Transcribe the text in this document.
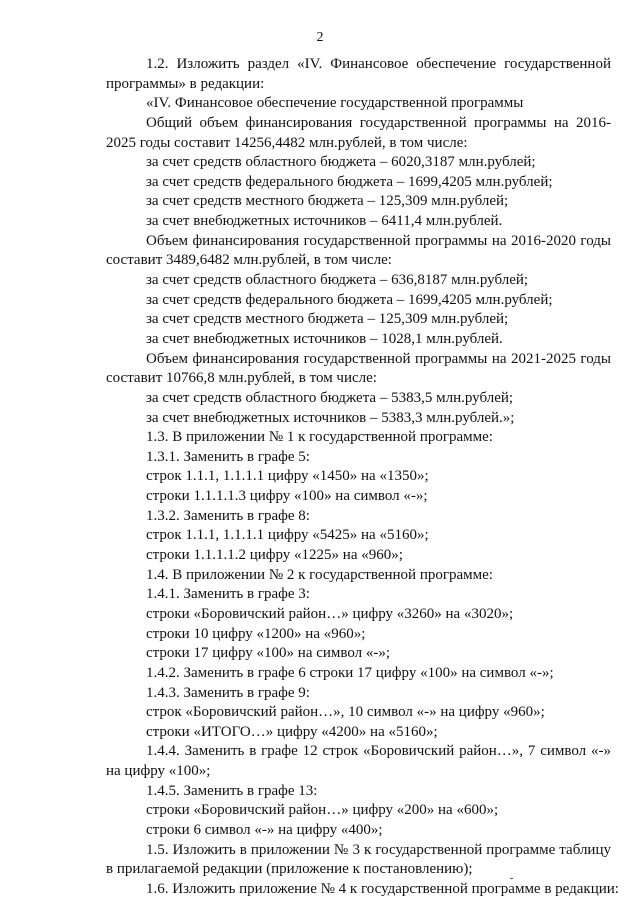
2
1.2. Изложить раздел «IV. Финансовое обеспечение государственной
программы» в редакции:
«IV. Финансовое обеспечение государственной программы
Общий объем финансирования государственной программы на 2016-
2025 годы составит 14256,4482 млн.рублей, в том числе:
за счет средств областного бюджета – 6020,3187 млн.рублей;
за счет средств федерального бюджета – 1699,4205 млн.рублей;
за счет средств местного бюджета – 125,309 млн.рублей;
за счет внебюджетных источников – 6411,4 млн.рублей.
Объем финансирования государственной программы на 2016-2020 годы
составит 3489,6482 млн.рублей, в том числе:
за счет средств областного бюджета – 636,8187 млн.рублей;
за счет средств федерального бюджета – 1699,4205 млн.рублей;
за счет средств местного бюджета – 125,309 млн.рублей;
за счет внебюджетных источников – 1028,1 млн.рублей.
Объем финансирования государственной программы на 2021-2025 годы
составит 10766,8 млн.рублей, в том числе:
за счет средств областного бюджета – 5383,5 млн.рублей;
за счет внебюджетных источников – 5383,3 млн.рублей.»;
1.3. В приложении № 1 к государственной программе:
1.3.1. Заменить в графе 5:
строк 1.1.1, 1.1.1.1 цифру «1450» на «1350»;
строки 1.1.1.1.3 цифру «100» на символ «-»;
1.3.2. Заменить в графе 8:
строк 1.1.1, 1.1.1.1 цифру «5425» на «5160»;
строки 1.1.1.1.2 цифру «1225» на «960»;
1.4. В приложении № 2 к государственной программе:
1.4.1. Заменить в графе 3:
строки «Боровичский район…» цифру «3260» на «3020»;
строки 10 цифру «1200» на «960»;
строки 17 цифру «100» на символ «-»;
1.4.2. Заменить в графе 6 строки 17 цифру «100» на символ «-»;
1.4.3. Заменить в графе 9:
строк «Боровичский район…», 10 символ «-» на цифру «960»;
строки «ИТОГО…» цифру «4200» на «5160»;
1.4.4. Заменить в графе 12 строк «Боровичский район…», 7 символ «-»
на цифру «100»;
1.4.5. Заменить в графе 13:
строки «Боровичский район…» цифру «200» на «600»;
строки 6 символ «-» на цифру «400»;
1.5. Изложить в приложении № 3 к государственной программе таблицу
в прилагаемой редакции (приложение к постановлению);
1.6. Изложить приложение № 4 к государственной программе в редакции:
